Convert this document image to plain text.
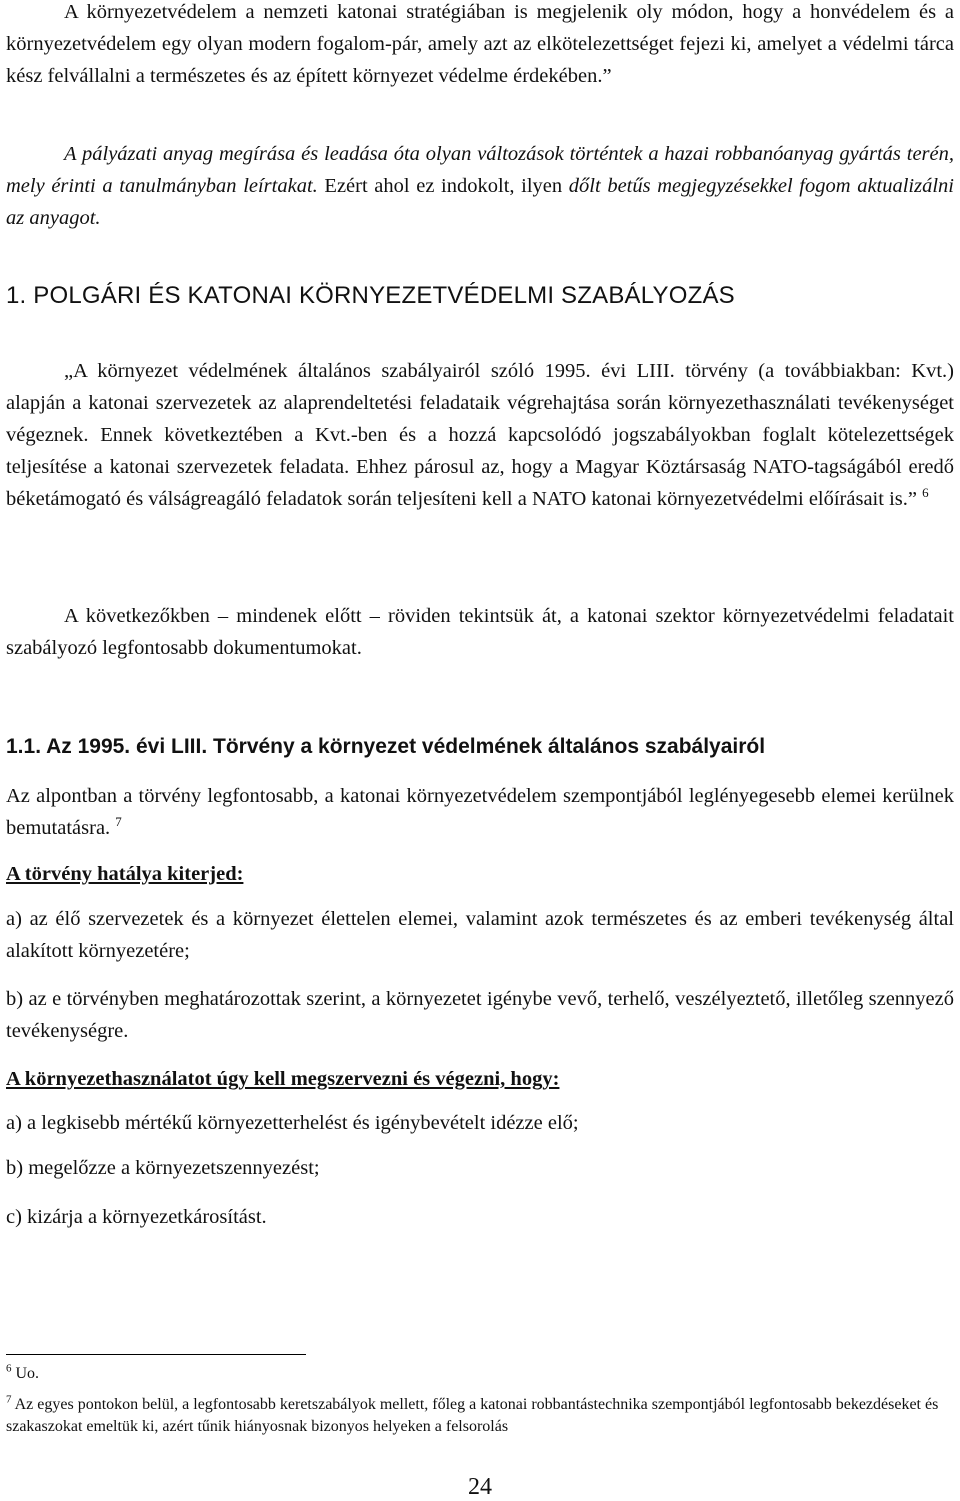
A környezetvédelem a nemzeti katonai stratégiában is megjelenik oly módon, hogy a honvédelem és a környezetvédelem egy olyan modern fogalom-pár, amely azt az elkötelezettséget fejezi ki, amelyet a védelmi tárca kész felvállalni a természetes és az épített környezet védelme érdekében.”

A pályázati anyag megírása és leadása óta olyan változások történtek a hazai robbanóanyag gyártás terén, mely érinti a tanulmányban leírtakat. Ezért ahol ez indokolt, ilyen dőlt betűs megjegyzésekkel fogom aktualizálni az anyagot.

1. POLGÁRI ÉS KATONAI KÖRNYEZETVÉDELMI SZABÁLYOZÁS

„A környezet védelmének általános szabályairól szóló 1995. évi LIII. törvény (a továbbiakban: Kvt.) alapján a katonai szervezetek az alaprendeltetési feladataik végrehajtása során környezethasználati tevékenységet végeznek. Ennek következtében a Kvt.-ben és a hozzá kapcsolódó jogszabályokban foglalt kötelezettségek teljesítése a katonai szervezetek feladata. Ehhez párosul az, hogy a Magyar Köztársaság NATO-tagságából eredő béketámogató és válságreagáló feladatok során teljesíteni kell a NATO katonai környezetvédelmi előírásait is.” $^6$

A következőkben – mindenek előtt – röviden tekintsük át, a katonai szektor környezetvédelmi feladatait szabályozó legfontosabb dokumentumokat.

1.1. Az 1995. évi LIII. Törvény a környezet védelmének általános szabályairól

Az alpontban a törvény legfontosabb, a katonai környezetvédelem szempontjából leglényegesebb elemei kerülnek bemutatásra. $^7$

A törvény hatálya kiterjed:

a) az élő szervezetek és a környezet élettelen elemei, valamint azok természetes és az emberi tevékenység által alakított környezetére;

b) az e törvényben meghatározottak szerint, a környezetet igénybe vevő, terhelő, veszélyeztető, illetőleg szennyező tevékenységre.

A környezethasználatot úgy kell megszervezni és végezni, hogy:

a) a legkisebb mértékű környezetterhelést és igénybevételt idézze elő;

b) megelőzze a környezetszennyezést;

c) kizárja a környezetkárosítást.

$^6$ Uo.

$^7$ Az egyes pontokon belül, a legfontosabb keretszabályok mellett, főleg a katonai robbantástechnika szempontjából legfontosabb bekezdéseket és szakaszokat emeltük ki, azért tűnik hiányosnak bizonyos helyeken a felsorolás

24
